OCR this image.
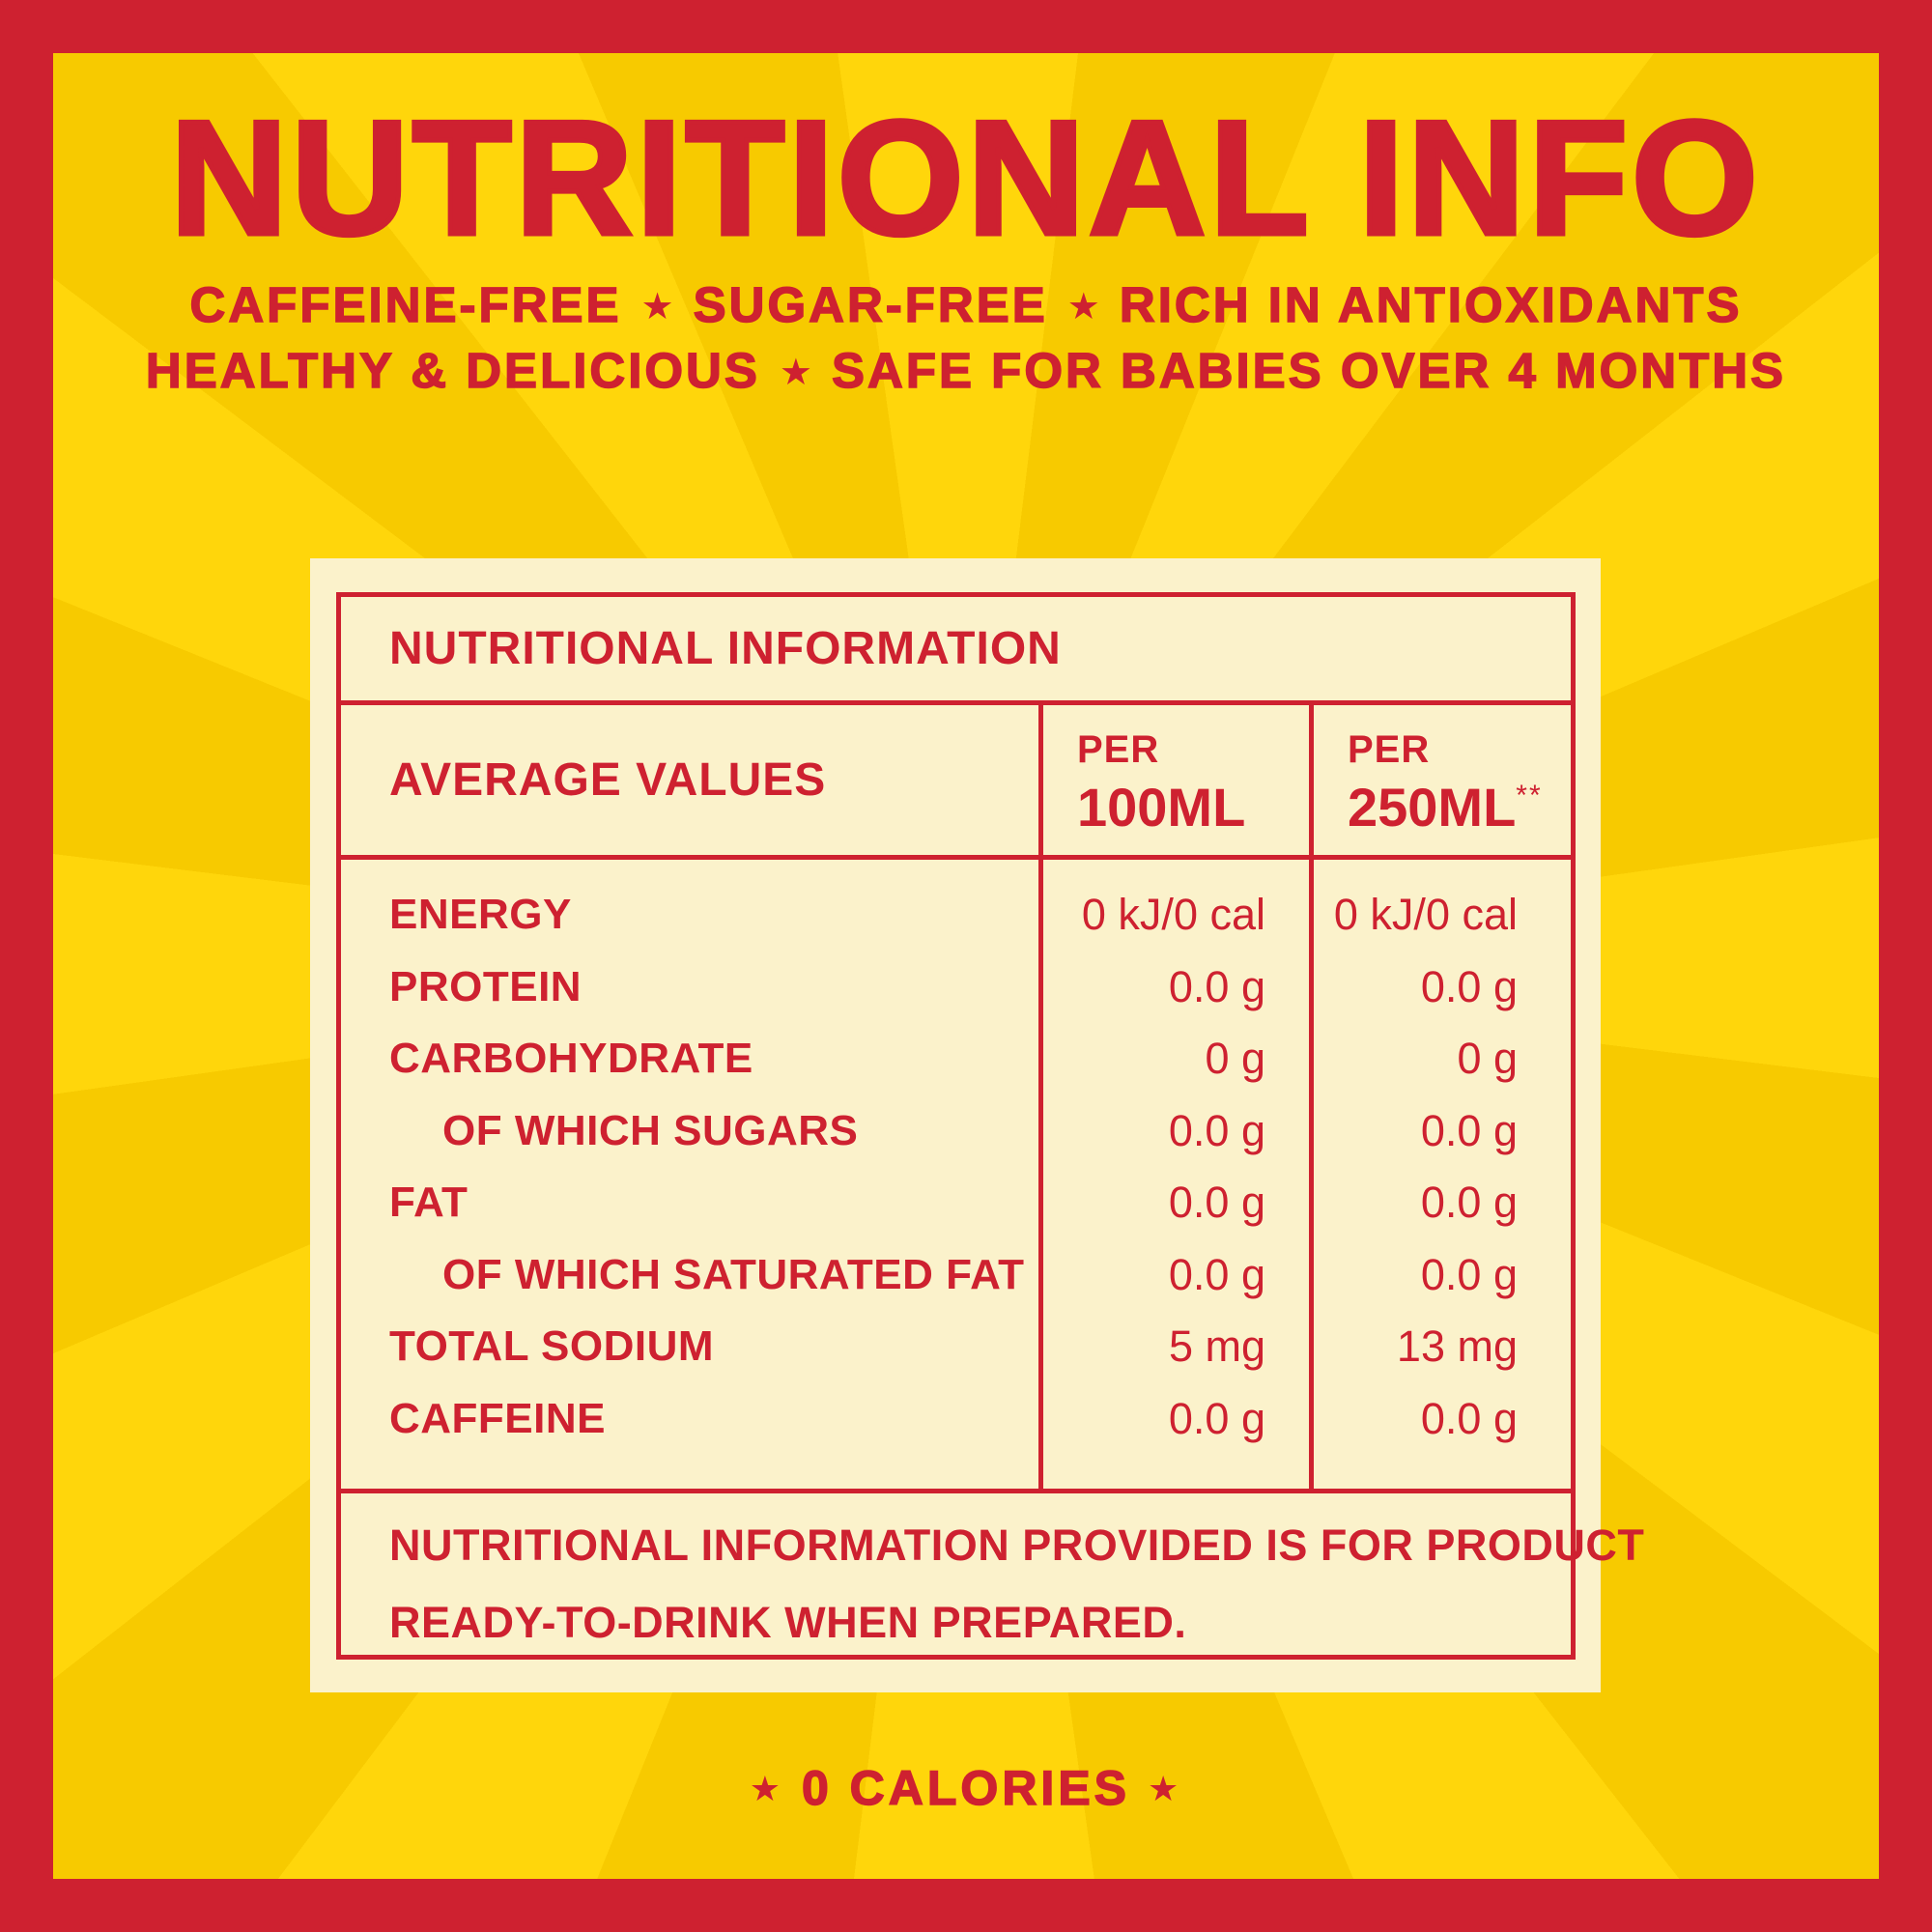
NUTRITIONAL INFO
CAFFEINE-FREE ★ SUGAR-FREE ★ RICH IN ANTIOXIDANTS
HEALTHY & DELICIOUS ★ SAFE FOR BABIES OVER 4 MONTHS
NUTRITIONAL INFORMATION
AVERAGE VALUES
PER
100ML
PER
250ML**
ENERGY
PROTEIN
CARBOHYDRATE
OF WHICH SUGARS
FAT
OF WHICH SATURATED FAT
TOTAL SODIUM
CAFFEINE
0 kJ/0 cal
0.0 g
0 g
0.0 g
0.0 g
0.0 g
5 mg
0.0 g
0 kJ/0 cal
0.0 g
0 g
0.0 g
0.0 g
0.0 g
13 mg
0.0 g
NUTRITIONAL INFORMATION PROVIDED IS FOR PRODUCT
READY-TO-DRINK WHEN PREPARED.
★ 0 CALORIES ★
